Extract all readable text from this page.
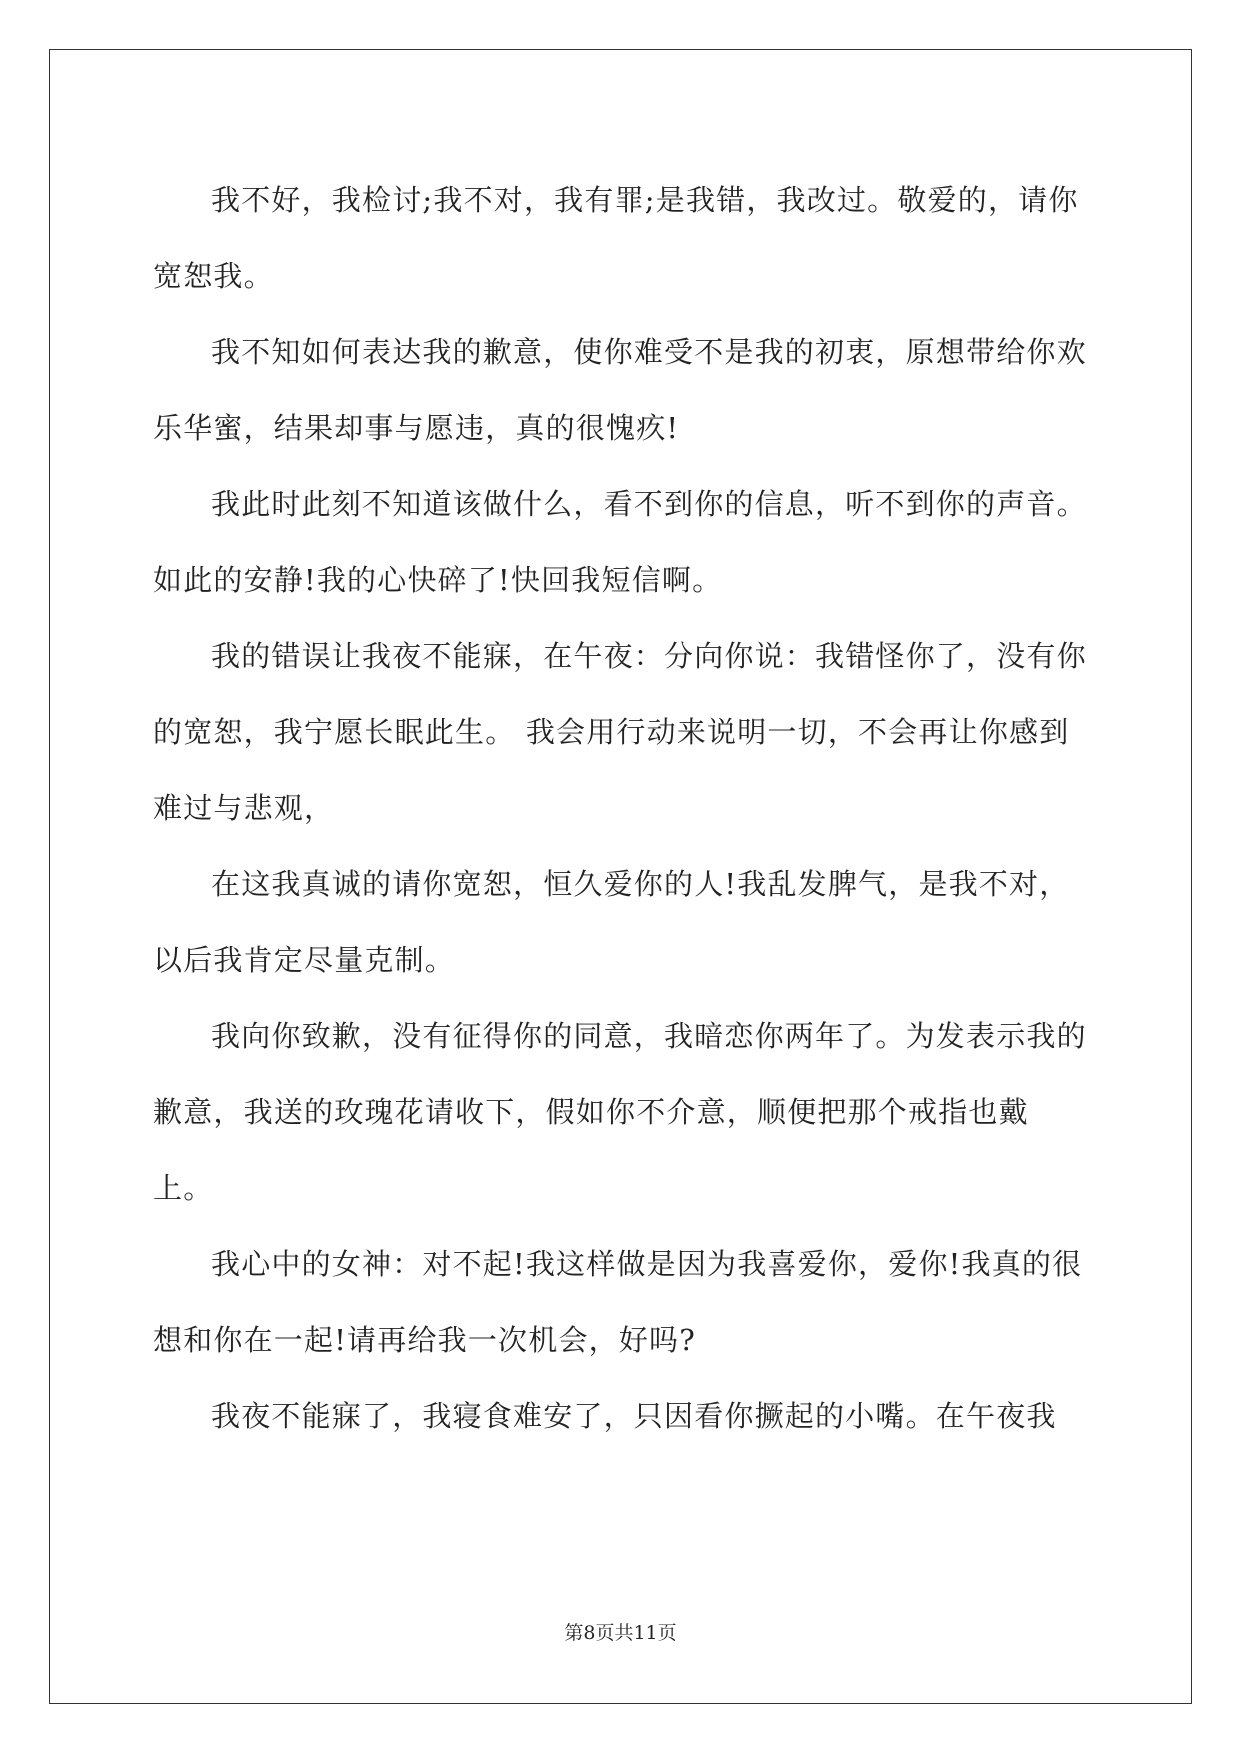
我不好，我检讨;我不对，我有罪;是我错，我改过。敬爱的，请你宽恕我。

我不知如何表达我的歉意，使你难受不是我的初衷，原想带给你欢乐华蜜，结果却事与愿违，真的很愧疚!

我此时此刻不知道该做什么，看不到你的信息，听不到你的声音。如此的安静!我的心快碎了!快回我短信啊。

我的错误让我夜不能寐，在午夜：分向你说：我错怪你了，没有你的宽恕，我宁愿长眠此生。 我会用行动来说明一切，不会再让你感到难过与悲观，

在这我真诚的请你宽恕，恒久爱你的人!我乱发脾气，是我不对，以后我肯定尽量克制。

我向你致歉，没有征得你的同意，我暗恋你两年了。为发表示我的歉意，我送的玫瑰花请收下，假如你不介意，顺便把那个戒指也戴上。

我心中的女神：对不起!我这样做是因为我喜爱你，爱你!我真的很想和你在一起!请再给我一次机会，好吗?

我夜不能寐了，我寝食难安了，只因看你撅起的小嘴。在午夜我

第8页共11页
